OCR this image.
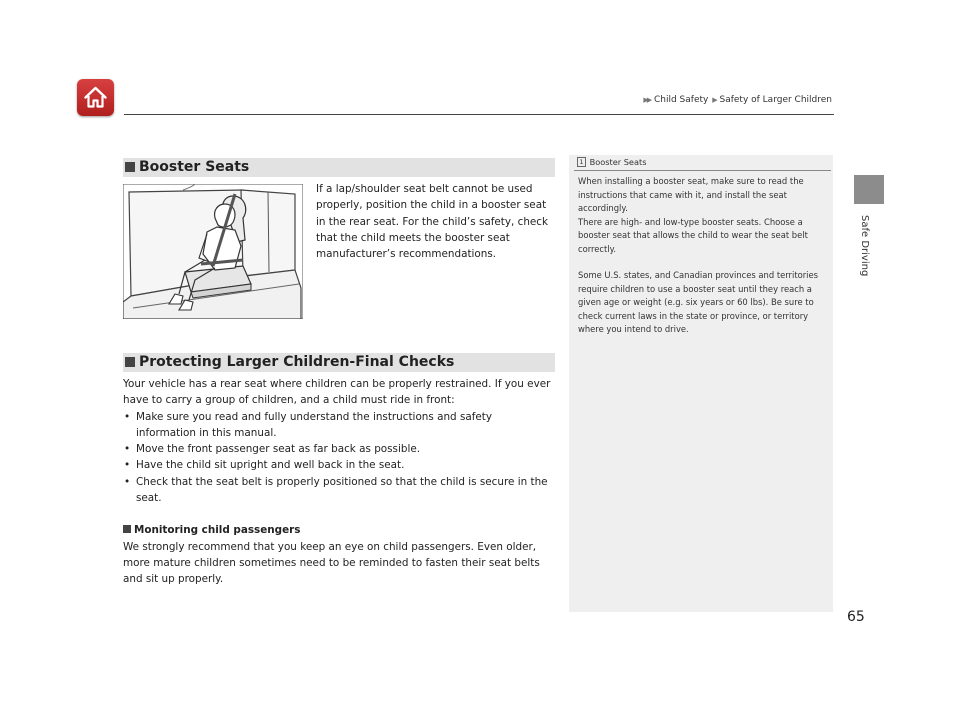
▶▶ Child Safety ▶ Safety of Larger Children
Safe Driving
Booster Seats
If a lap/shoulder seat belt cannot be used properly, position the child in a booster seat in the rear seat. For the child’s safety, check that the child meets the booster seat manufacturer’s recommendations.
Protecting Larger Children-Final Checks

Your vehicle has a rear seat where children can be properly restrained. If you ever have to carry a group of children, and a child must ride in front:

• Make sure you read and fully understand the instructions and safety information in this manual.
• Move the front passenger seat as far back as possible.
• Have the child sit upright and well back in the seat.
• Check that the seat belt is properly positioned so that the child is secure in the seat.

Monitoring child passengers

We strongly recommend that you keep an eye on child passengers. Even older, more mature children sometimes need to be reminded to fasten their seat belts and sit up properly.

1 Booster Seats

When installing a booster seat, make sure to read the instructions that came with it, and install the seat accordingly.
There are high- and low-type booster seats. Choose a booster seat that allows the child to wear the seat belt correctly.

Some U.S. states, and Canadian provinces and territories require children to use a booster seat until they reach a given age or weight (e.g. six years or 60 lbs). Be sure to check current laws in the state or province, or territory where you intend to drive.

65
